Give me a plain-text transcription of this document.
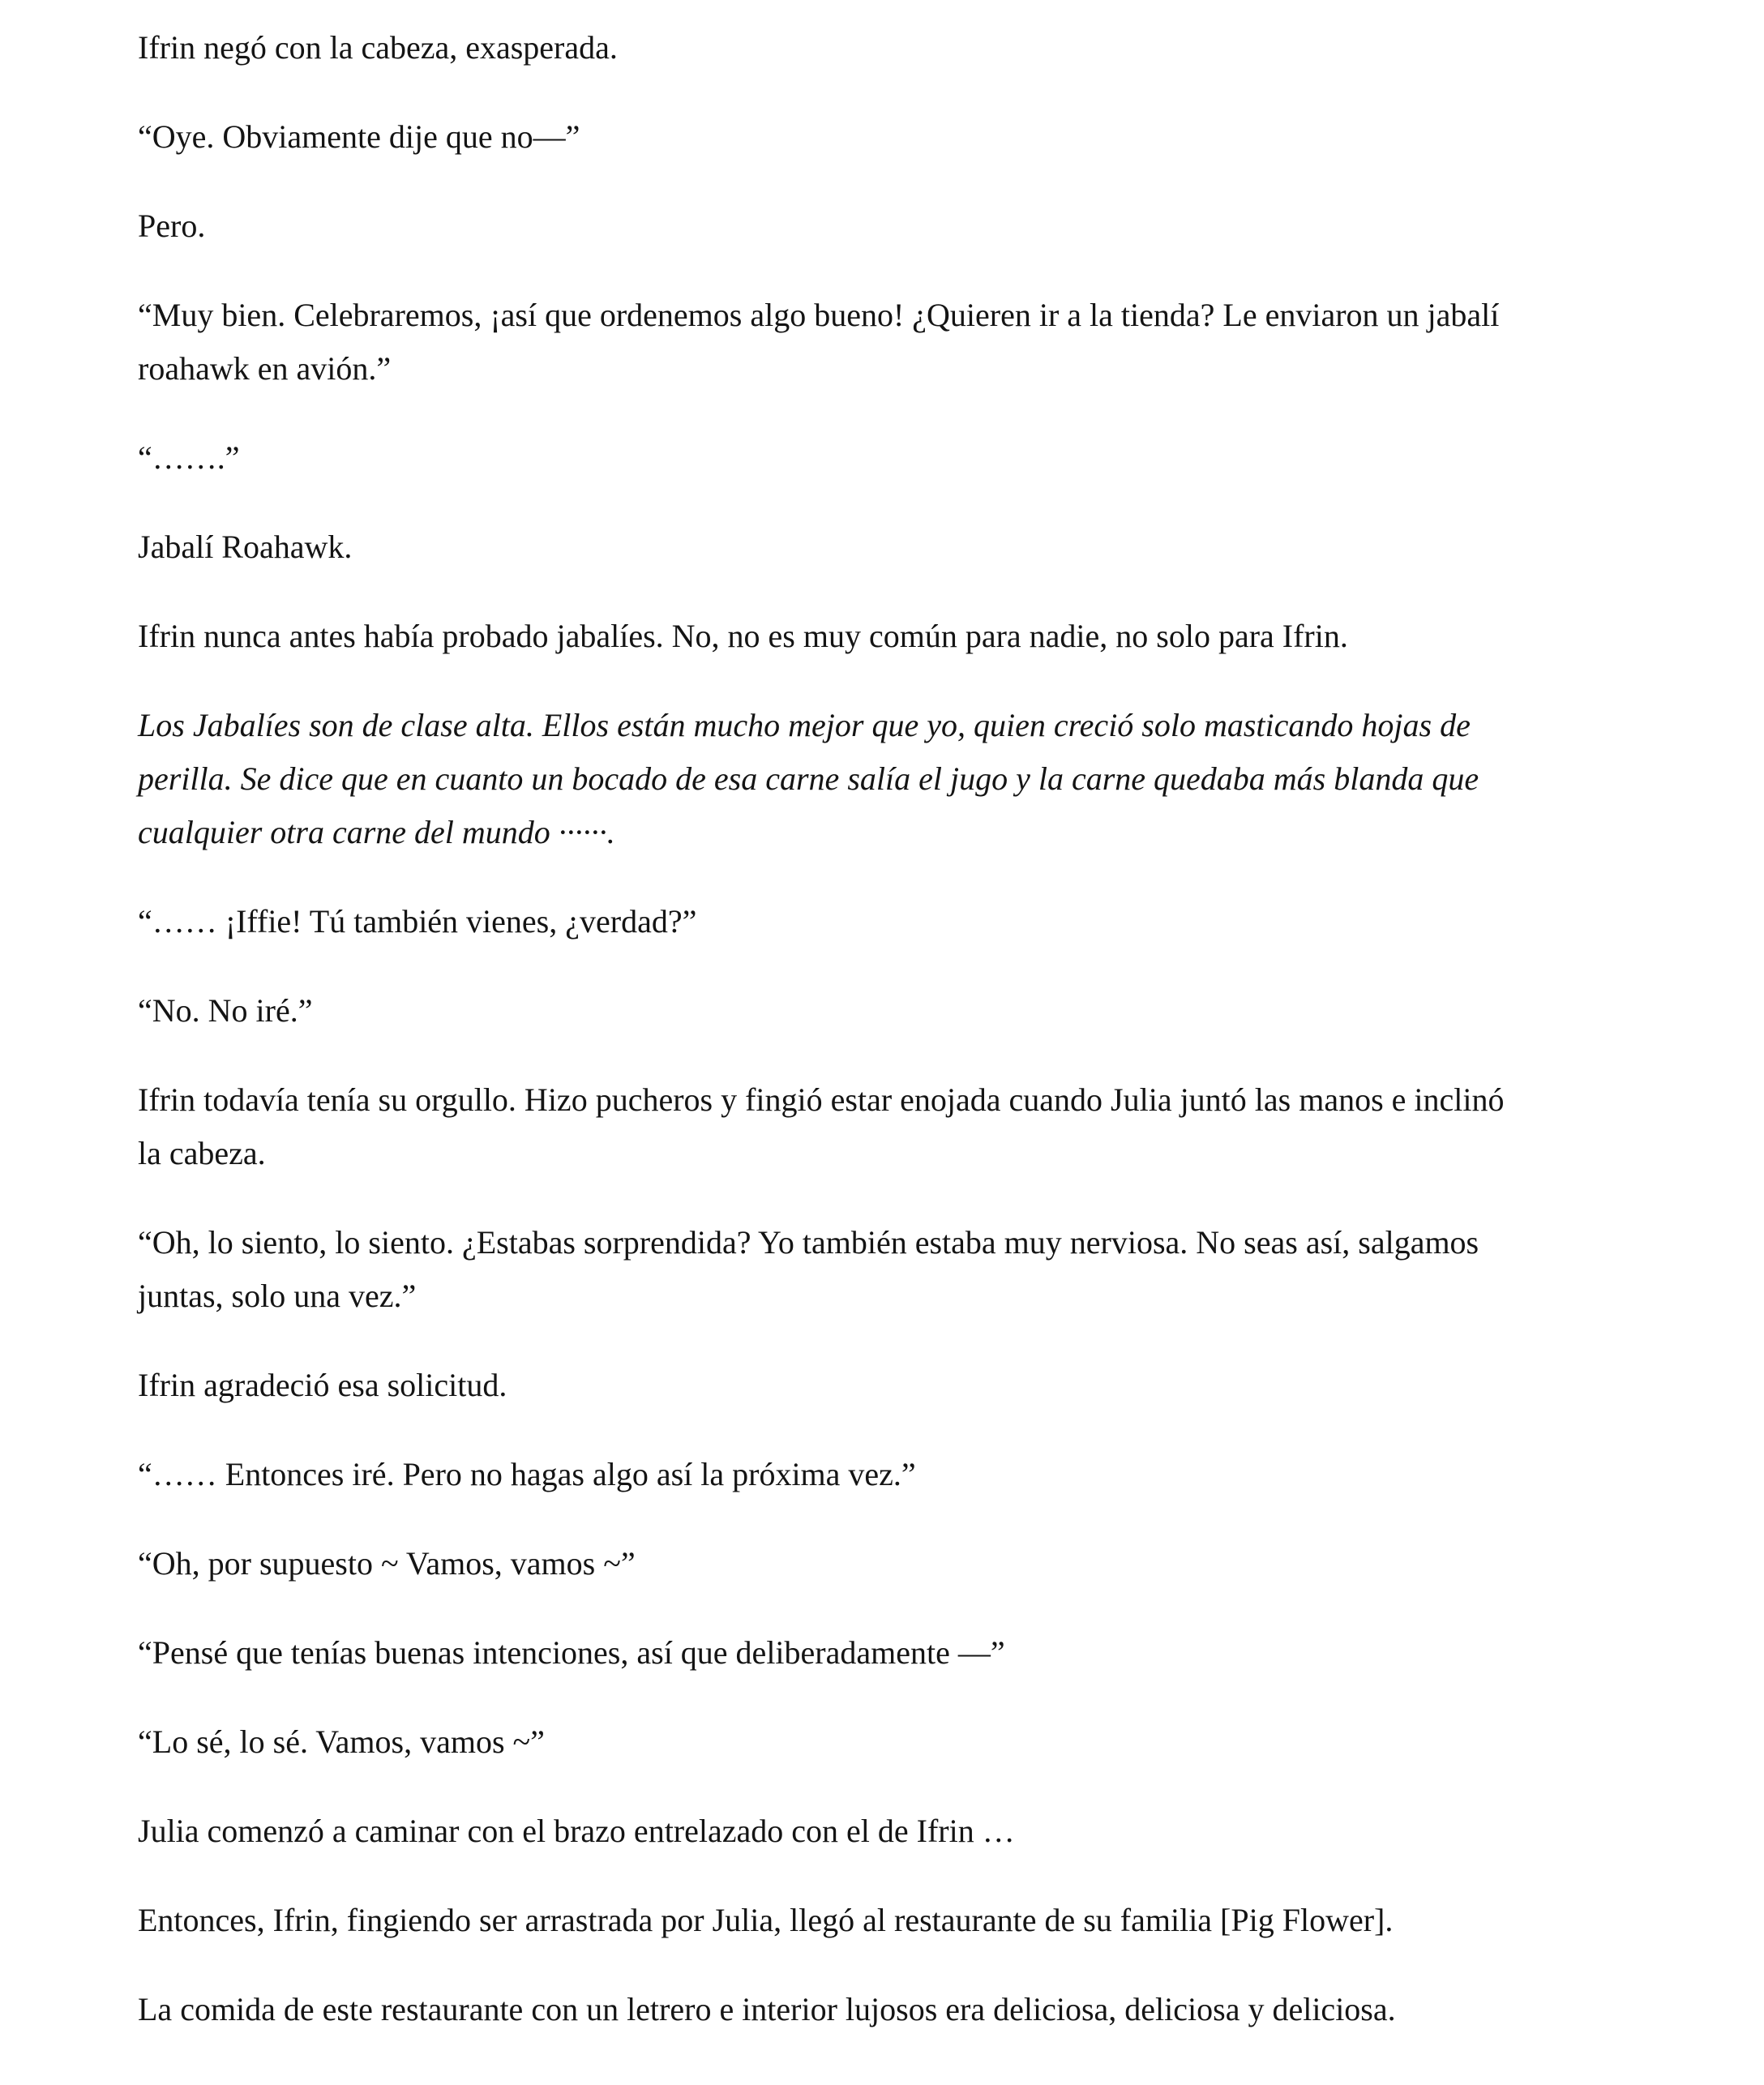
Ifrin negó con la cabeza, exasperada.

“Oye. Obviamente dije que no—”

Pero.

“Muy bien. Celebraremos, ¡así que ordenemos algo bueno! ¿Quieren ir a la tienda? Le enviaron un jabalí roahawk en avión.”

“…….”

Jabalí Roahawk.

Ifrin nunca antes había probado jabalíes. No, no es muy común para nadie, no solo para Ifrin.

Los Jabalíes son de clase alta. Ellos están mucho mejor que yo, quien creció solo masticando hojas de perilla. Se dice que en cuanto un bocado de esa carne salía el jugo y la carne quedaba más blanda que cualquier otra carne del mundo ······.

“…… ¡Iffie! Tú también vienes, ¿verdad?”

“No. No iré.”

Ifrin todavía tenía su orgullo. Hizo pucheros y fingió estar enojada cuando Julia juntó las manos e inclinó la cabeza.

“Oh, lo siento, lo siento. ¿Estabas sorprendida? Yo también estaba muy nerviosa. No seas así, salgamos juntas, solo una vez.”

Ifrin agradeció esa solicitud.

“…… Entonces iré. Pero no hagas algo así la próxima vez.”

“Oh, por supuesto ~ Vamos, vamos ~”

“Pensé que tenías buenas intenciones, así que deliberadamente —”

“Lo sé, lo sé. Vamos, vamos ~”

Julia comenzó a caminar con el brazo entrelazado con el de Ifrin …

Entonces, Ifrin, fingiendo ser arrastrada por Julia, llegó al restaurante de su familia [Pig Flower].

La comida de este restaurante con un letrero e interior lujosos era deliciosa, deliciosa y deliciosa.
